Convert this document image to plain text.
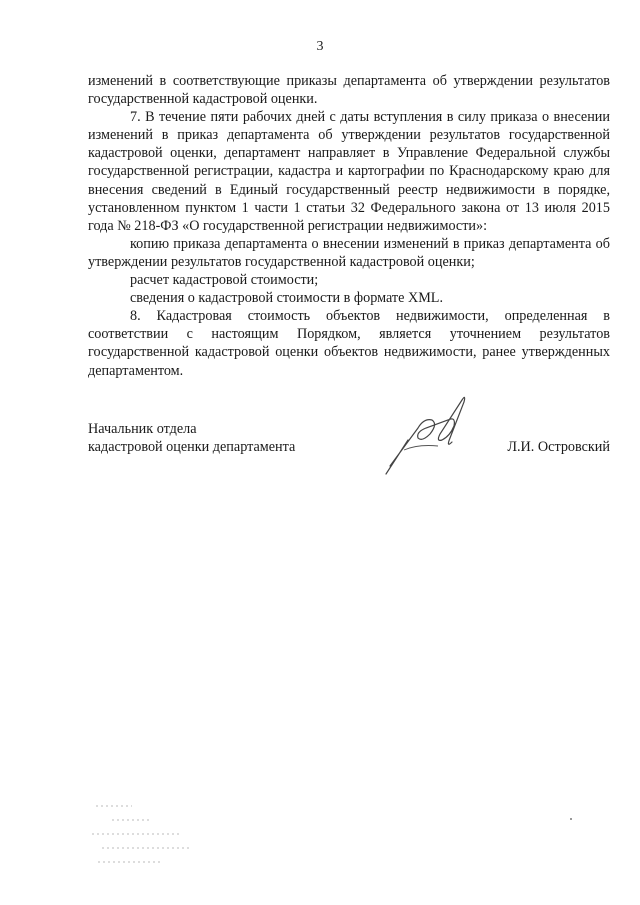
3

изменений в соответствующие приказы департамента об утверждении результатов государственной кадастровой оценки.

7. В течение пяти рабочих дней с даты вступления в силу приказа о внесении изменений в приказ департамента об утверждении результатов государственной кадастровой оценки, департамент направляет в Управление Федеральной службы государственной регистрации, кадастра и картографии по Краснодарскому краю для внесения сведений в Единый государственный реестр недвижимости в порядке, установленном пунктом 1 части 1 статьи 32 Федерального закона от 13 июля 2015 года № 218-ФЗ «О государственной регистрации недвижимости»:

копию приказа департамента о внесении изменений в приказ департамента об утверждении результатов государственной кадастровой оценки;

расчет кадастровой стоимости;

сведения о кадастровой стоимости в формате XML.

8. Кадастровая стоимость объектов недвижимости, определенная в соответствии с настоящим Порядком, является уточнением результатов государственной кадастровой оценки объектов недвижимости, ранее утвержденных департаментом.

Начальник отдела
кадастровой оценки департамента	Л.И. Островский
